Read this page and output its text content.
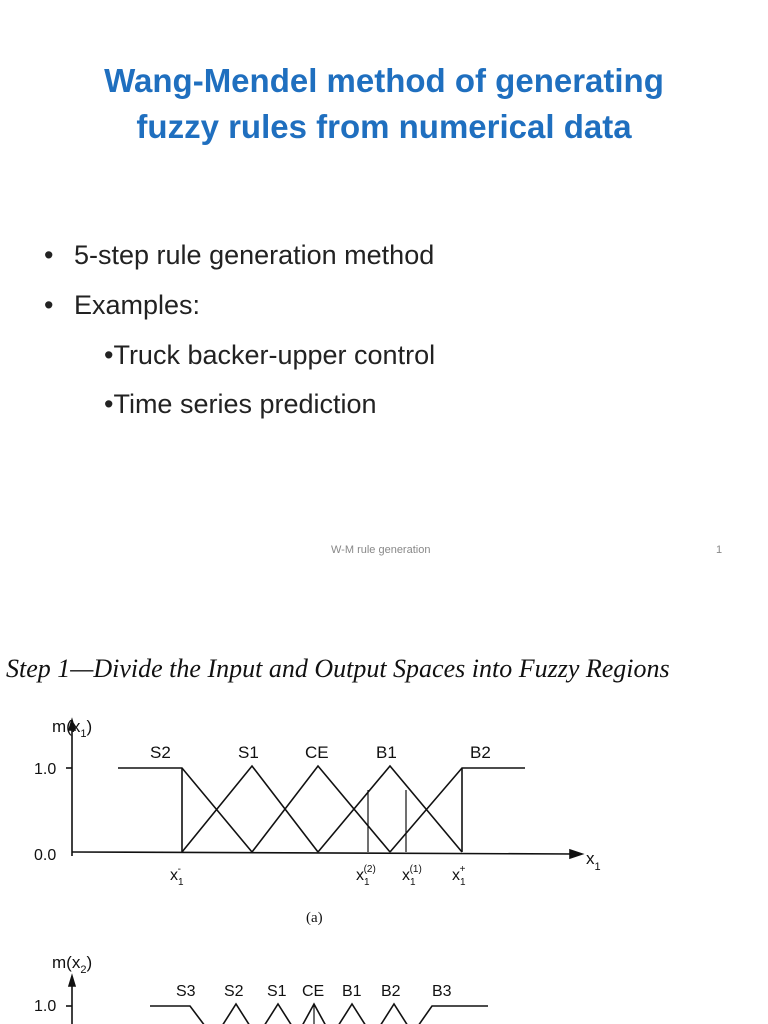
Wang-Mendel method of generating
fuzzy rules from numerical data
• 5-step rule generation method
• Examples:
•Truck backer-upper control
•Time series prediction
W-M rule generation	1
Step 1—Divide the Input and Output Spaces into Fuzzy Regions
$m(x_1)$
1.0
0.0
S2	S1	CE	B1	B2
$x_1$
$x_1-$	$x_1(2)$ $x_1(1)$ $x_1+$
(a)
$m(x_2)$
1.0
S3 S2 S1 CE B1 B2 B3
